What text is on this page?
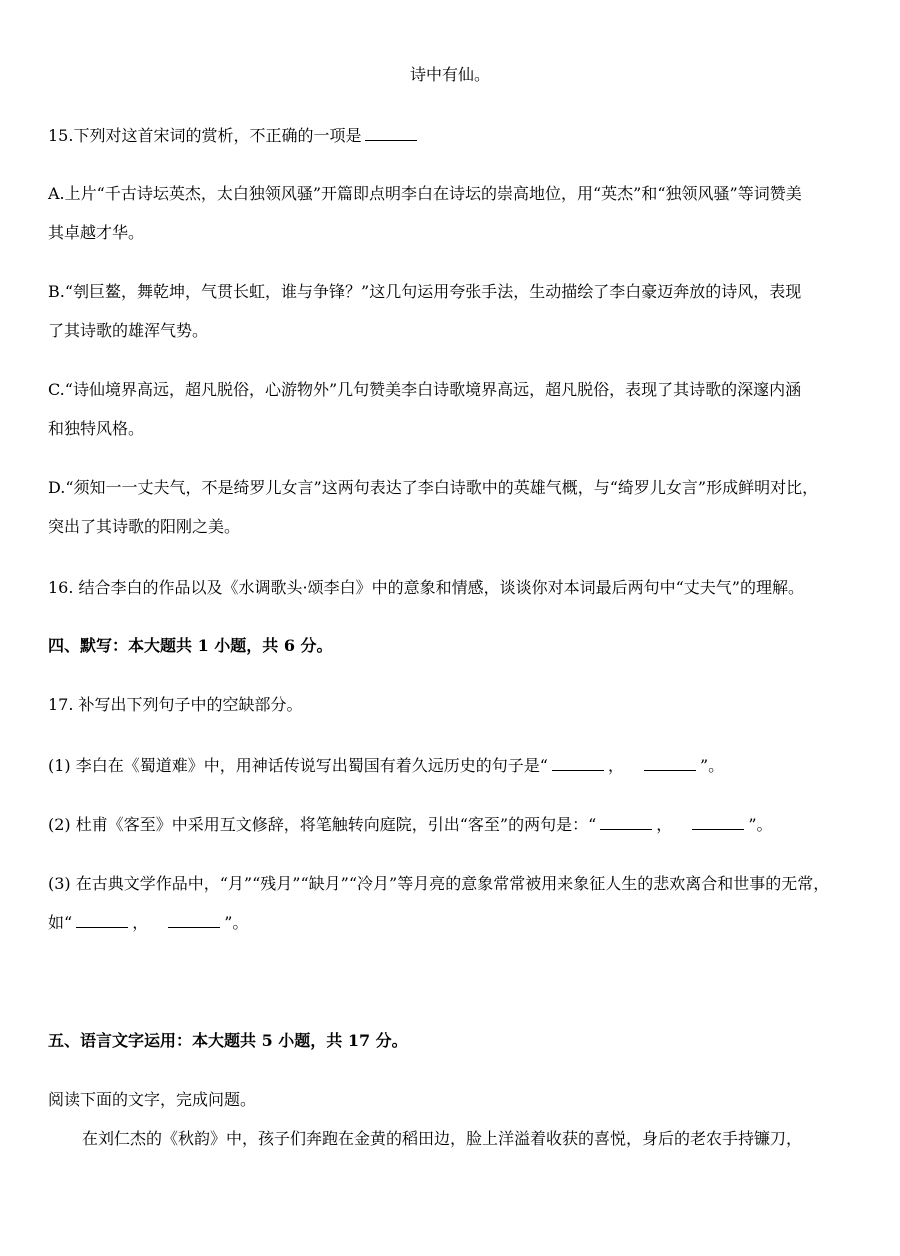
诗中有仙。
15.下列对这首宋词的赏析，不正确的一项是
A.上片“千古诗坛英杰，太白独领风骚”开篇即点明李白在诗坛的崇高地位，用“英杰”和“独领风骚”等词赞美
其卓越才华。
B.“刳巨鳌，舞乾坤，气贯长虹，谁与争锋？”这几句运用夸张手法，生动描绘了李白豪迈奔放的诗风，表现
了其诗歌的雄浑气势。
C.“诗仙境界高远，超凡脱俗，心游物外”几句赞美李白诗歌境界高远，超凡脱俗，表现了其诗歌的深邃内涵
和独特风格。
D.“须知一一丈夫气，不是绮罗儿女言”这两句表达了李白诗歌中的英雄气概，与“绮罗儿女言”形成鲜明对比，
突出了其诗歌的阳刚之美。
16. 结合李白的作品以及《水调歌头·颂李白》中的意象和情感，谈谈你对本词最后两句中“丈夫气”的理解。
四、默写：本大题共 1 小题，共 6 分。
17. 补写出下列句子中的空缺部分。
(1) 李白在《蜀道难》中，用神话传说写出蜀国有着久远历史的句子是“	，	”。
(2) 杜甫《客至》中采用互文修辞，将笔触转向庭院，引出“客至”的两句是：“	，	”。
(3) 在古典文学作品中，“月”“残月”“缺月”“冷月”等月亮的意象常常被用来象征人生的悲欢离合和世事的无常，
如“	，	”。
五、语言文字运用：本大题共 5 小题，共 17 分。
阅读下面的文字，完成问题。
在刘仁杰的《秋韵》中，孩子们奔跑在金黄的稻田边，脸上洋溢着收获的喜悦，身后的老农手持镰刀，
